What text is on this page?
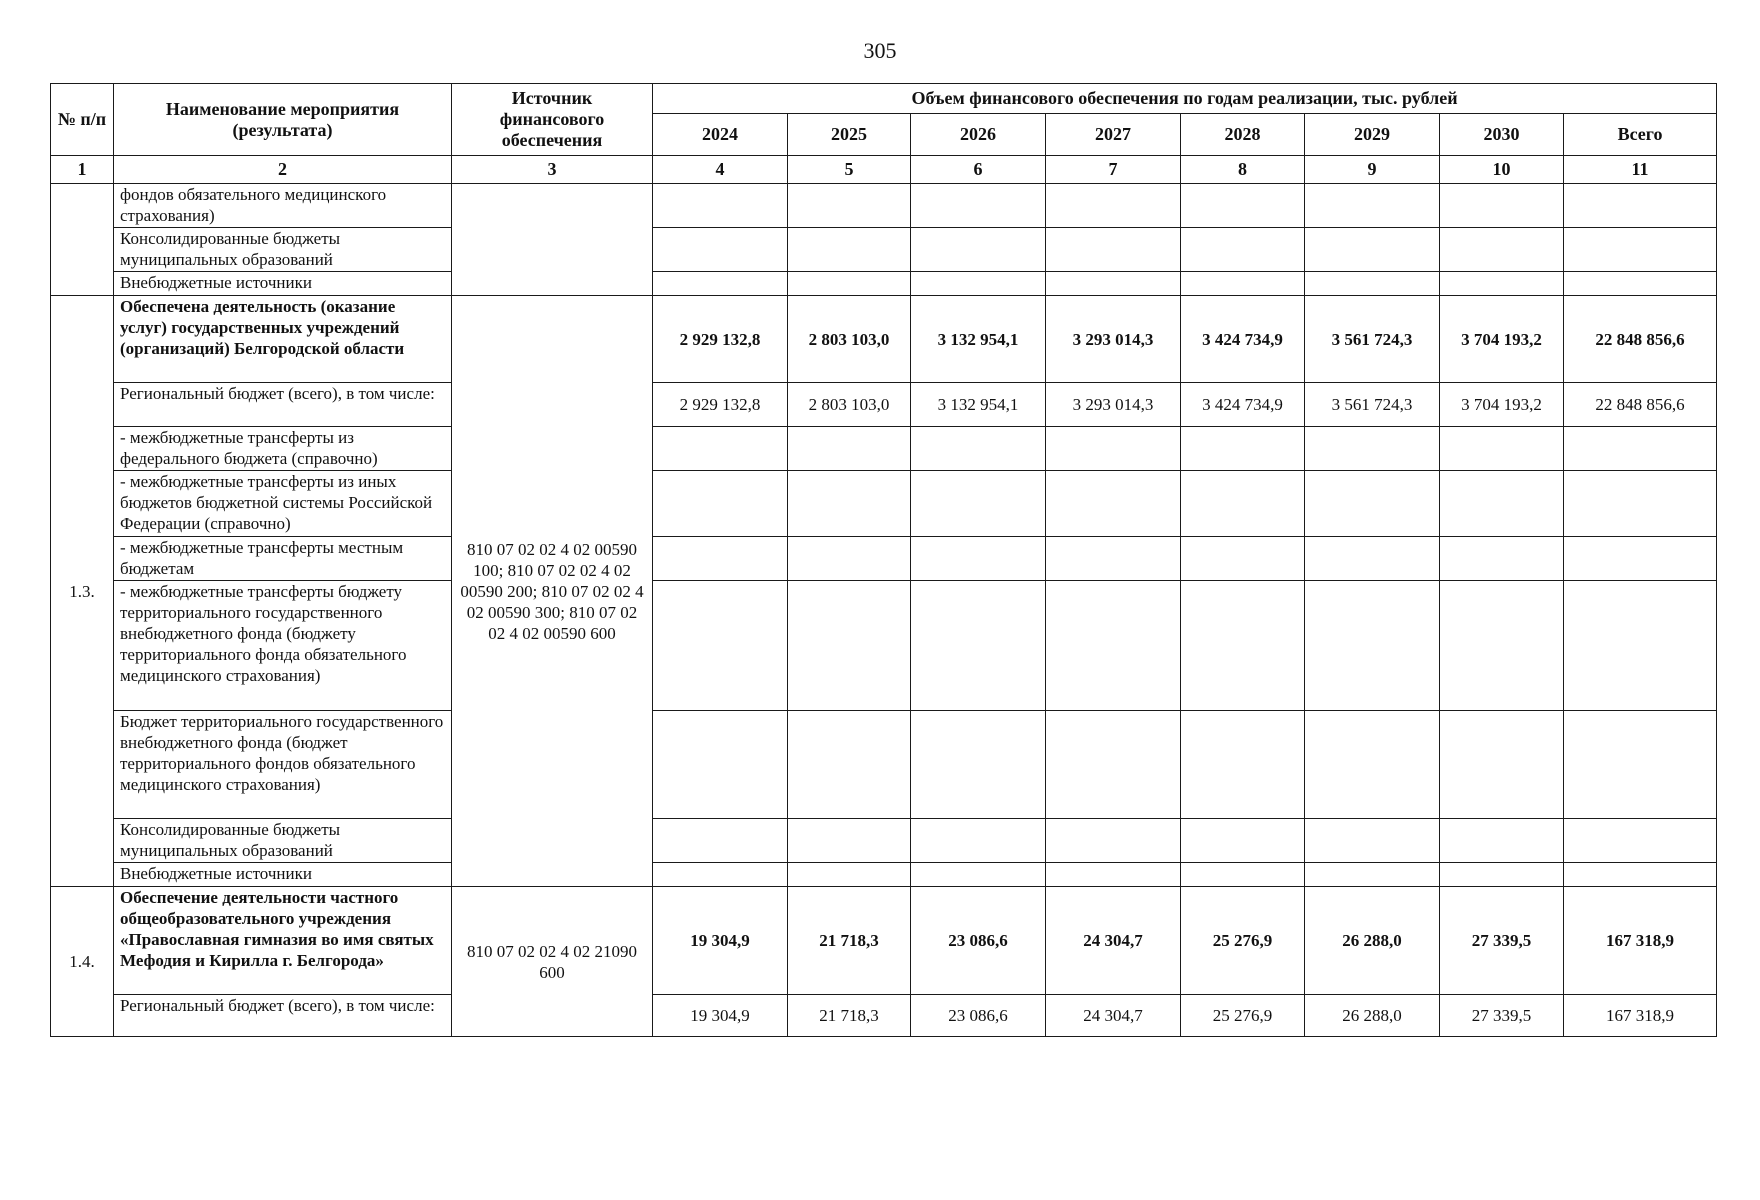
305
№ п/п	Наименование мероприятия (результата)	Источник финансового обеспечения	Объем финансового обеспечения по годам реализации, тыс. рублей							
			2024	2025	2026	2027	2028	2029	2030	Всего
1	2	3	4	5	6	7	8	9	10	11
	фондов обязательного медицинского страхования)									
	Консолидированные бюджеты муниципальных образований									
	Внебюджетные источники									
1.3.	Обеспечена деятельность (оказание услуг) государственных учреждений (организаций) Белгородской области	810 07 02 02 4 02 00590 100; 810 07 02 02 4 02 00590 200; 810 07 02 02 4 02 00590 300; 810 07 02 02 4 02 00590 600	2 929 132,8	2 803 103,0	3 132 954,1	3 293 014,3	3 424 734,9	3 561 724,3	3 704 193,2	22 848 856,6
	Региональный бюджет (всего), в том числе:		2 929 132,8	2 803 103,0	3 132 954,1	3 293 014,3	3 424 734,9	3 561 724,3	3 704 193,2	22 848 856,6
	- межбюджетные трансферты из федерального бюджета (справочно)									
	- межбюджетные трансферты из иных бюджетов бюджетной системы Российской Федерации (справочно)									
	- межбюджетные трансферты местным бюджетам									
	- межбюджетные трансферты бюджету территориального государственного внебюджетного фонда (бюджету территориального фонда обязательного медицинского страхования)									
	Бюджет территориального государственного внебюджетного фонда (бюджет территориального фондов обязательного медицинского страхования)									
	Консолидированные бюджеты муниципальных образований									
	Внебюджетные источники									
1.4.	Обеспечение деятельности частного общеобразовательного учреждения «Православная гимназия во имя святых Мефодия и Кирилла г. Белгорода»	810 07 02 02 4 02 21090 600	19 304,9	21 718,3	23 086,6	24 304,7	25 276,9	26 288,0	27 339,5	167 318,9
	Региональный бюджет (всего), в том числе:		19 304,9	21 718,3	23 086,6	24 304,7	25 276,9	26 288,0	27 339,5	167 318,9
